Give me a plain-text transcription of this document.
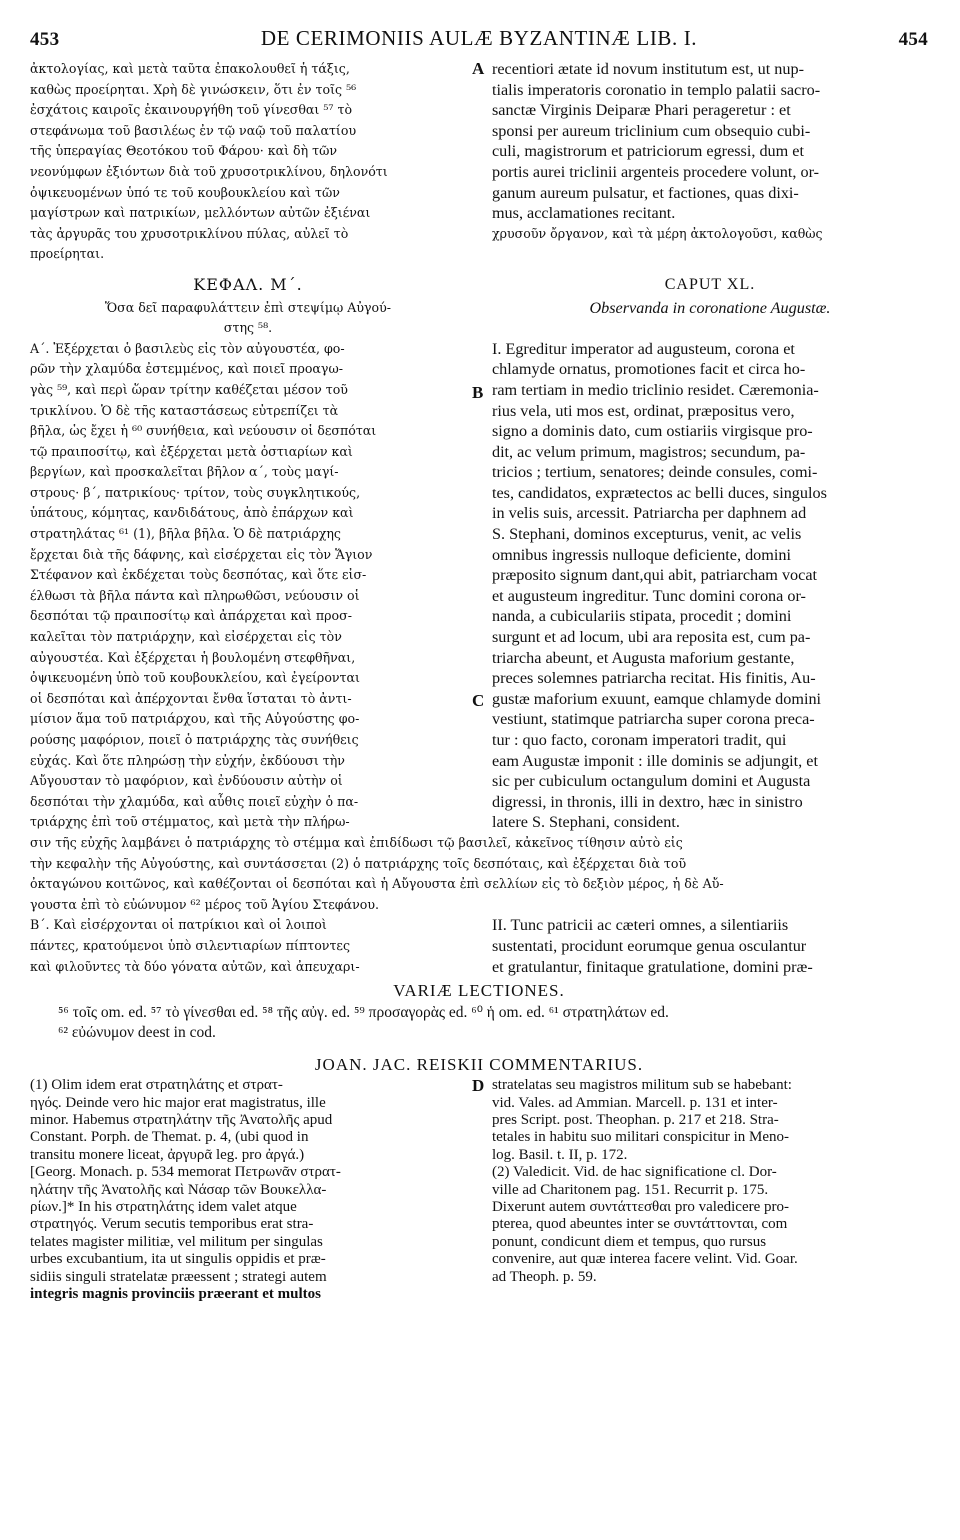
453	DE CERIMONIIS AULÆ BYZANTINÆ LIB. I.	454

ἀκτολογίας, καὶ μετὰ ταῦτα ἐπακολουθεῖ ἡ τάξις,

καθὼς προείρηται. Χρὴ δὲ γινώσκειν, ὅτι ἐν τοῖς ⁵⁶

ἐσχάτοις καιροῖς ἐκαινουργήθη τοῦ γίνεσθαι ⁵⁷ τὸ

στεφάνωμα τοῦ βασιλέως ἐν τῷ ναῷ τοῦ παλατίου

τῆς ὑπεραγίας Θεοτόκου τοῦ Φάρου· καὶ δὴ τῶν

νεονύμφων ἐξιόντων διὰ τοῦ χρυσοτρικλίνου, δηλονότι

ὀψικευομένων ὑπό τε τοῦ κουβουκλείου καὶ τῶν

μαγίστρων καὶ πατρικίων, μελλόντων αὐτῶν ἐξιέναι

τὰς ἀργυρᾶς του χρυσοτρικλίνου πύλας, αὐλεῖ τὸ

A recentiori ætate id novum institutum est, ut nup-

tialis imperatoris coronatio in templo palatii sacro-

sanctæ Virginis Deiparæ Phari perageretur : et

sponsi per aureum triclinium cum obsequio cubi-

culi, magistrorum et patriciorum egressi, dum et

portis aurei triclinii argenteis procedere volunt, or-

ganum aureum pulsatur, et factiones, quas dixi-

mus, acclamationes recitant.

χρυσοῦν ὄργανον, καὶ τὰ μέρη ἀκτολογοῦσι, καθὼς

προείρηται.

ΚΕΦΑΛ. Μ΄.

Ὅσα δεῖ παραφυλάττειν ἐπὶ στεψίμῳ Αὐγού-

στης ⁵⁸.

CAPUT XL.

Observanda in coronatione Augustæ.

Α΄. Ἐξέρχεται ὁ βασιλεὺς εἰς τὸν αὐγουστέα, φο-

ρῶν τὴν χλαμύδα ἐστεμμένος, καὶ ποιεῖ προαγω-

γὰς ⁵⁹, καὶ περὶ ὥραν τρίτην καθέζεται μέσον τοῦ

τρικλίνου. Ὁ δὲ τῆς καταστάσεως εὐτρεπίζει τὰ

βῆλα, ὡς ἔχει ἡ ⁶⁰ συνήθεια, καὶ νεύουσιν οἱ δεσπόται

τῷ πραιποσίτῳ, καὶ ἐξέρχεται μετὰ ὀστιαρίων καὶ

βεργίων, καὶ προσκαλεῖται βῆλον α΄, τοὺς μαγί-

στρους· β΄, πατρικίους· τρίτον, τοὺς συγκλητικούς,

ὑπάτους, κόμητας, κανδιδάτους, ἀπὸ ἐπάρχων καὶ

στρατηλάτας ⁶¹ (1), βῆλα βῆλα. Ὁ δὲ πατριάρχης

ἔρχεται διὰ τῆς δάφνης, καὶ εἰσέρχεται εἰς τὸν Ἅγιον

Στέφανον καὶ ἐκδέχεται τοὺς δεσπότας, καὶ ὅτε εἰσ-

έλθωσι τὰ βῆλα πάντα καὶ πληρωθῶσι, νεύουσιν οἱ

δεσπόται τῷ πραιποσίτῳ καὶ ἀπάρχεται καὶ προσ-

καλεῖται τὸν πατριάρχην, καὶ εἰσέρχεται εἰς τὸν

αὐγουστέα. Καὶ ἐξέρχεται ἡ βουλομένη στεφθῆναι,

ὀψικευομένη ὑπὸ τοῦ κουβουκλείου, καὶ ἐγείρονται

οἱ δεσπόται καὶ ἀπέρχονται ἔνθα ἵσταται τὸ ἀντι-

μίσιον ἅμα τοῦ πατριάρχου, καὶ τῆς Αὐγούστης φο-

ρούσης μαφόριον, ποιεῖ ὁ πατριάρχης τὰς συνήθεις

εὐχάς. Καὶ ὅτε πληρώσῃ τὴν εὐχήν, ἐκδύουσι τὴν

Αὔγουσταν τὸ μαφόριον, καὶ ἐνδύουσιν αὐτὴν οἱ

δεσπόται τὴν χλαμύδα, καὶ αὖθις ποιεῖ εὐχὴν ὁ πα-

τριάρχης ἐπὶ τοῦ στέμματος, καὶ μετὰ τὴν πλήρω-

B
C

I. Egreditur imperator ad augusteum, corona et

chlamyde ornatus, promotiones facit et circa ho-

ram tertiam in medio triclinio residet. Cæremonia-

rius vela, uti mos est, ordinat, præpositus vero,

signo a dominis dato, cum ostiariis virgisque pro-

dit, ac velum primum, magistros; secundum, pa-

tricios ; tertium, senatores; deinde consules, comi-

tes, candidatos, exprætectos ac belli duces, singulos

in velis suis, arcessit. Patriarcha per daphnem ad

S. Stephani, dominos excepturus, venit, ac velis

omnibus ingressis nulloque deficiente, domini

præposito signum dant,qui abit, patriarcham vocat

et augusteum ingreditur. Tunc domini corona or-

nanda, a cubiculariis stipata, procedit ; domini

surgunt et ad locum, ubi ara reposita est, cum pa-

triarcha abeunt, et Augusta maforium gestante,

preces solemnes patriarcha recitat. His finitis, Au-

gustæ maforium exuunt, eamque chlamyde domini

vestiunt, statimque patriarcha super corona preca-

tur : quo facto, coronam imperatori tradit, qui

eam Augustæ imponit : ille dominis se adjungit, et

sic per cubiculum octangulum domini et Augusta

digressi, in thronis, illi in dextro, hæc in sinistro

latere S. Stephani, consident.

σιν τῆς εὐχῆς λαμβάνει ὁ πατριάρχης τὸ στέμμα καὶ ἐπιδίδωσι τῷ βασιλεῖ, κἀκεῖνος τίθησιν αὐτὸ εἰς

τὴν κεφαλὴν τῆς Αὐγούστης, καὶ συντάσσεται (2) ὁ πατριάρχης τοῖς δεσπόταις, καὶ ἐξέρχεται διὰ τοῦ

ὀκταγώνου κοιτῶνος, καὶ καθέζονται οἱ δεσπόται καὶ ἡ Αὔγουστα ἐπὶ σελλίων εἰς τὸ δεξιὸν μέρος, ἡ δὲ Αὔ-

γουστα ἐπὶ τὸ εὐώνυμον ⁶² μέρος τοῦ Ἁγίου Στεφάνου.

Β΄. Καὶ εἰσέρχονται οἱ πατρίκιοι καὶ οἱ λοιποὶ

πάντες, κρατούμενοι ὑπὸ σιλεντιαρίων πίπτοντες

καὶ φιλοῦντες τὰ δύο γόνατα αὐτῶν, καὶ ἀπευχαρι-

II. Tunc patricii ac cæteri omnes, a silentiariis

sustentati, procidunt eorumque genua osculantur

et gratulantur, finitaque gratulatione, domini præ-

VARIÆ LECTIONES.

⁵⁶ τοῖς om. ed. ⁵⁷ τὸ γίνεσθαι ed. ⁵⁸ τῆς αὐγ. ed. ⁵⁹ προσαγορὰς ed. ⁶⁰ ἡ om. ed. ⁶¹ στρατηλάτων ed.

⁶² εὐώνυμον deest in cod.

JOAN. JAC. REISKII COMMENTARIUS.

(1) Olim idem erat στρατηλάτης et στρατ-

ηγός. Deinde vero hic major erat magistratus, ille

minor. Habemus στρατηλάτην τῆς Ἀνατολῆς apud

Constant. Porph. de Themat. p. 4, (ubi quod in

transitu monere liceat, ἀργυρᾶ leg. pro ἀργά.)

[Georg. Monach. p. 534 memorat Πετρωνᾶν στρατ-

ηλάτην τῆς Ἀνατολῆς καὶ Νάσαρ τῶν Βουκελλα-

ρίων.]* In his στρατηλάτης idem valet atque

στρατηγός. Verum secutis temporibus erat stra-

telates magister militiæ, vel militum per singulas

urbes excubantium, ita ut singulis oppidis et præ-

sidiis singuli stratelatæ præessent ; strategi autem

integris magnis provinciis præerant et multos

D stratelatas seu magistros militum sub se habebant:

vid. Vales. ad Ammian. Marcell. p. 131 et inter-

pres Script. post. Theophan. p. 217 et 218. Stra-

tetales in habitu suo militari conspicitur in Meno-

log. Basil. t. II, p. 172.

(2) Valedicit. Vid. de hac significatione cl. Dor-

ville ad Charitonem pag. 151. Recurrit p. 175.

Dixerunt autem συντάττεσθαι pro valedicere pro-

pterea, quod abeuntes inter se συντάττονται, com

ponunt, condicunt diem et tempus, quo rursus

convenire, aut quæ interea facere velint. Vid. Goar.

ad Theoph. p. 59.
